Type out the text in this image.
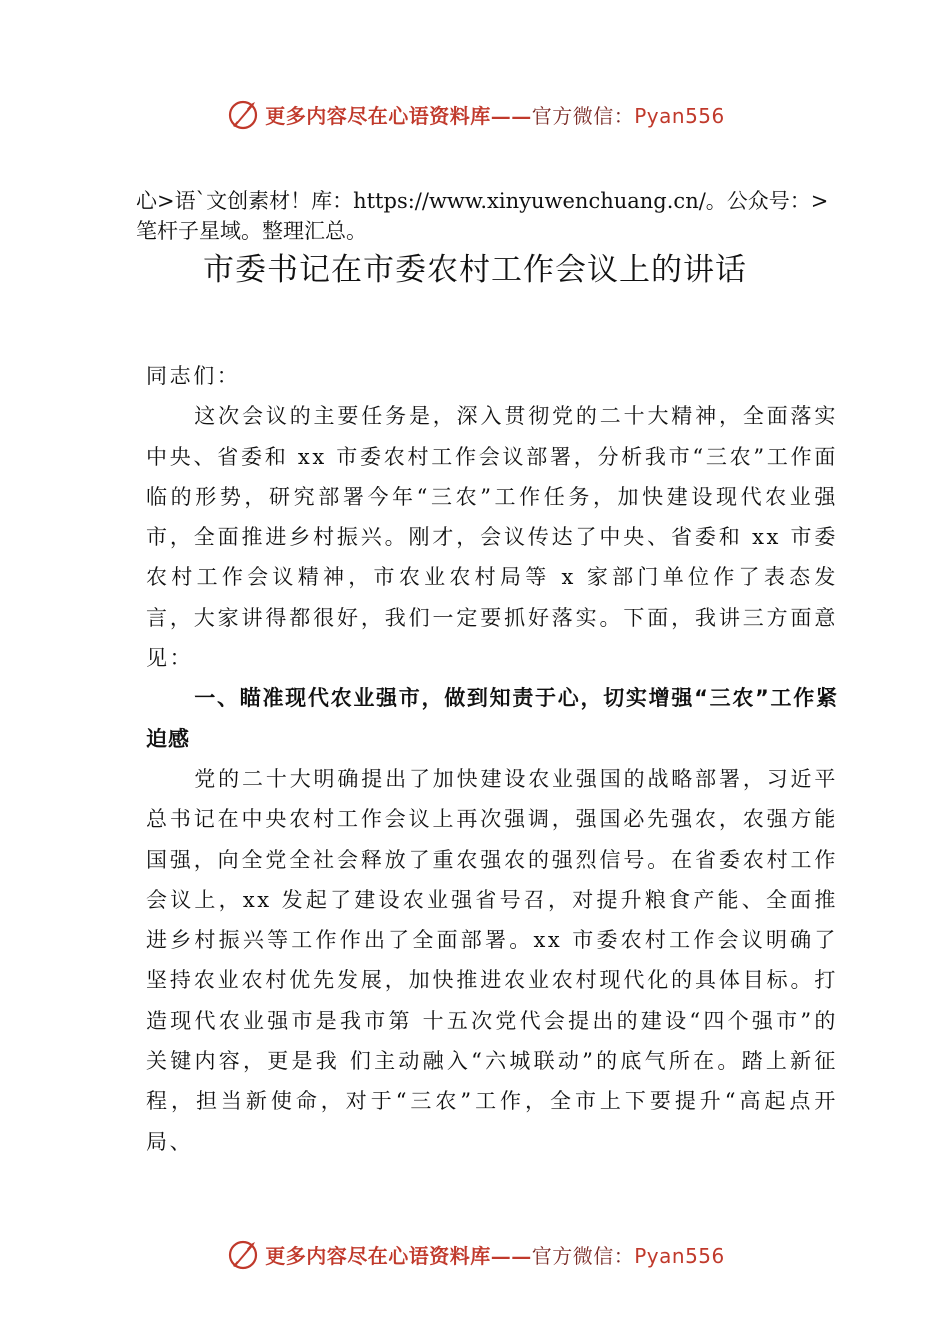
更多内容尽在心语资料库——官方微信：Pyan556
心>语`文创素材！库：https://www.xinyuwenchuang.cn/。公众号：>笔杆子星域。整理汇总。
市委书记在市委农村工作会议上的讲话

同志们：

这次会议的主要任务是，深入贯彻党的二十大精神，全面落实中央、省委和 xx 市委农村工作会议部署，分析我市“三农”工作面临的形势，研究部署今年“三农”工作任务，加快建设现代农业强市，全面推进乡村振兴。刚才，会议传达了中央、省委和 xx 市委农村工作会议精神，市农业农村局等 x 家部门单位作了表态发言，大家讲得都很好，我们一定要抓好落实。下面，我讲三方面意见：

一、瞄准现代农业强市，做到知责于心，切实增强“三农”工作紧迫感

党的二十大明确提出了加快建设农业强国的战略部署，习近平总书记在中央农村工作会议上再次强调，强国必先强农，农强方能国强，向全党全社会释放了重农强农的强烈信号。在省委农村工作会议上，xx 发起了建设农业强省号召，对提升粮食产能、全面推进乡村振兴等工作作出了全面部署。xx 市委农村工作会议明确了坚持农业农村优先发展，加快推进农业农村现代化的具体目标。打造现代农业强市是我市第 十五次党代会提出的建设“四个强市”的关键内容，更是我 们主动融入“六城联动”的底气所在。踏上新征程，担当新使命，对于“三农”工作，全市上下要提升“高起点开局、

更多内容尽在心语资料库——官方微信：Pyan556
